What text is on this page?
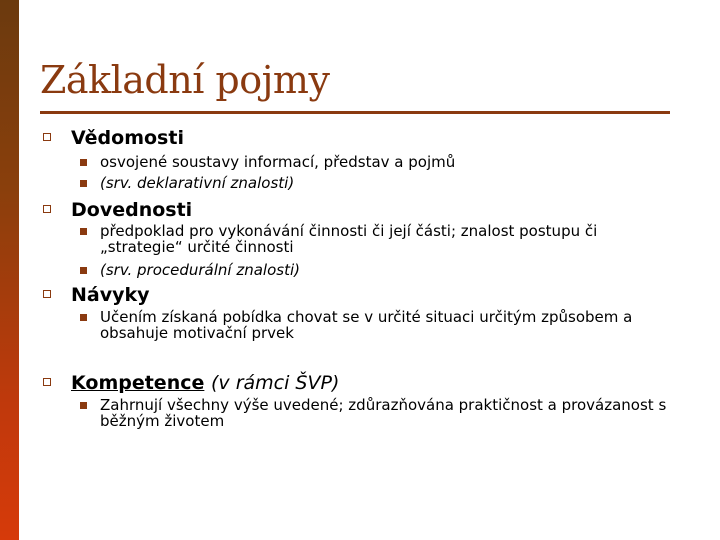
Základní pojmy
Vědomosti
osvojené soustavy informací, představ a pojmů
(srv. deklarativní znalosti)
Dovednosti
předpoklad pro vykonávání činnosti či její části; znalost postupu či „strategie“ určité činnosti
(srv. procedurální znalosti)
Návyky
Učením získaná pobídka chovat se v určité situaci určitým způsobem a obsahuje motivační prvek
Kompetence (v rámci ŠVP)
Zahrnují všechny výše uvedené; zdůrazňována praktičnost a provázanost s běžným životem
